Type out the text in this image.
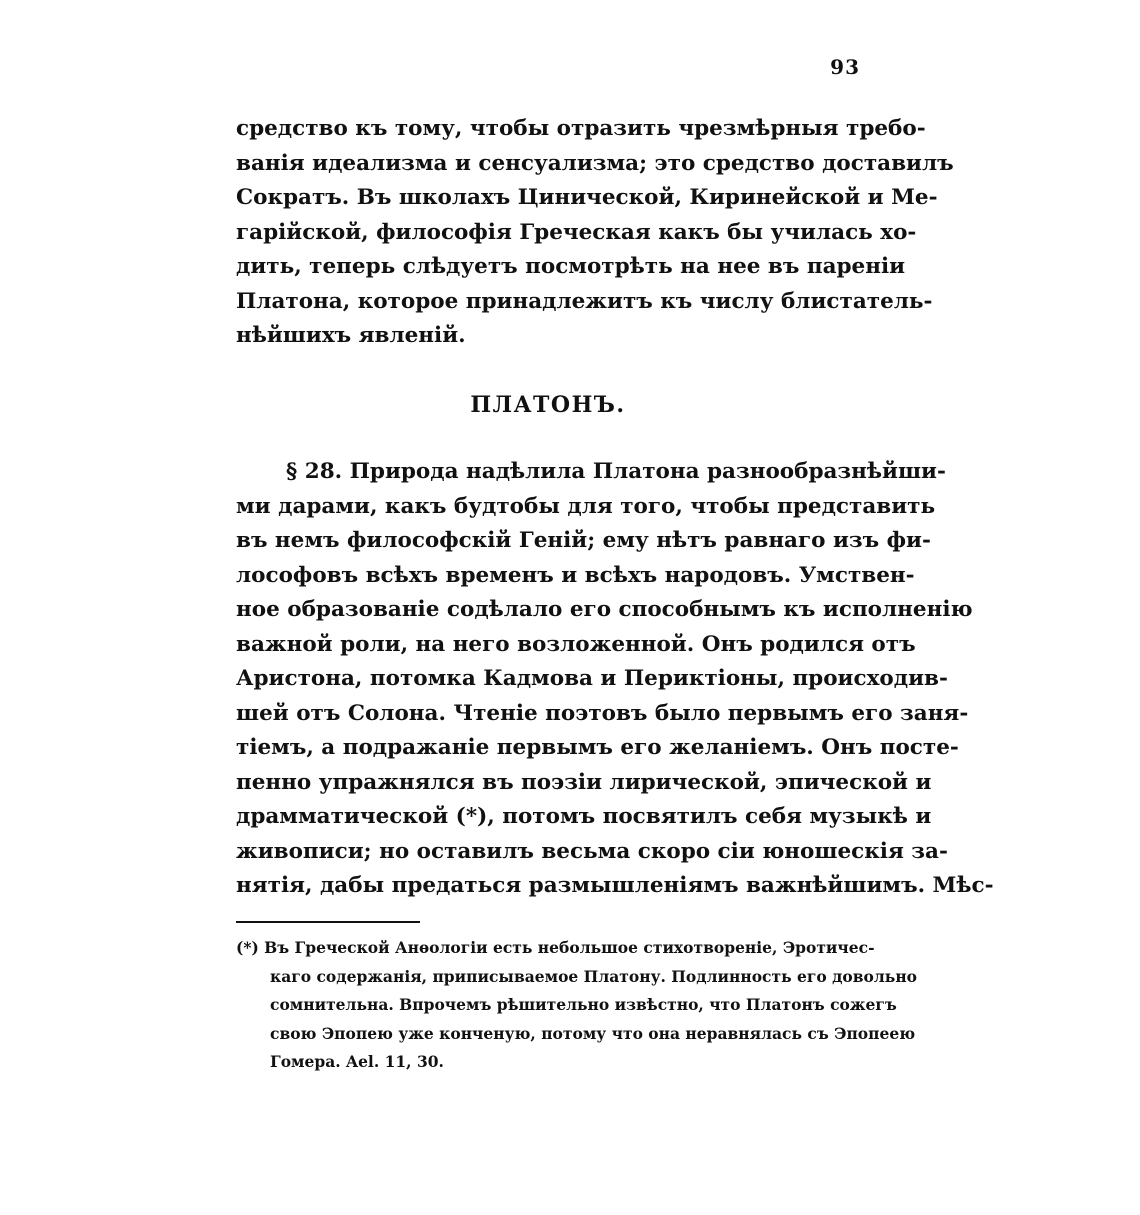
93
средство къ тому, чтобы отразить чрезмѣрныя требо-
ванія идеализма и сенсуализма; это средство доставилъ
Сократъ. Въ школахъ Цинической, Киринейской и Ме-
гарійской, философія Греческая какъ бы училась хо-
дить, теперь слѣдуетъ посмотрѣть на нее въ пареніи
Платона, которое принадлежитъ къ числу блистатель-
нѣйшихъ явленій.
ПЛАТОНЪ.
§ 28. Природа надѣлила Платона разнообразнѣйши-
ми дарами, какъ будтобы для того, чтобы представить
въ немъ философскій Геній; ему нѣтъ равнаго изъ фи-
лософовъ всѣхъ временъ и всѣхъ народовъ. Умствен-
ное образованіе содѣлало его способнымъ къ исполненію
важной роли, на него возложенной. Онъ родился отъ
Аристона, потомка Кадмова и Периктіоны, происходив-
шей отъ Солона. Чтеніе поэтовъ было первымъ его заня-
тіемъ, а подражаніе первымъ его желаніемъ. Онъ посте-
пенно упражнялся въ поэзіи лирической, эпической и
драмматической (*), потомъ посвятилъ себя музыкѣ и
живописи; но оставилъ весьма скоро сіи юношескія за-
нятія, дабы предаться размышленіямъ важнѣйшимъ. Мѣс-
(*) Въ Греческой Анѳологіи есть небольшое стихотвореніе, Эротичес-
каго содержанія, приписываемое Платону. Подлинность его довольно
сомнительна. Впрочемъ рѣшительно извѣстно, что Платонъ сожегъ
свою Эпопею уже конченую, потому что она неравнялась съ Эпопеею
Гомера. Ael. 11, 30.
